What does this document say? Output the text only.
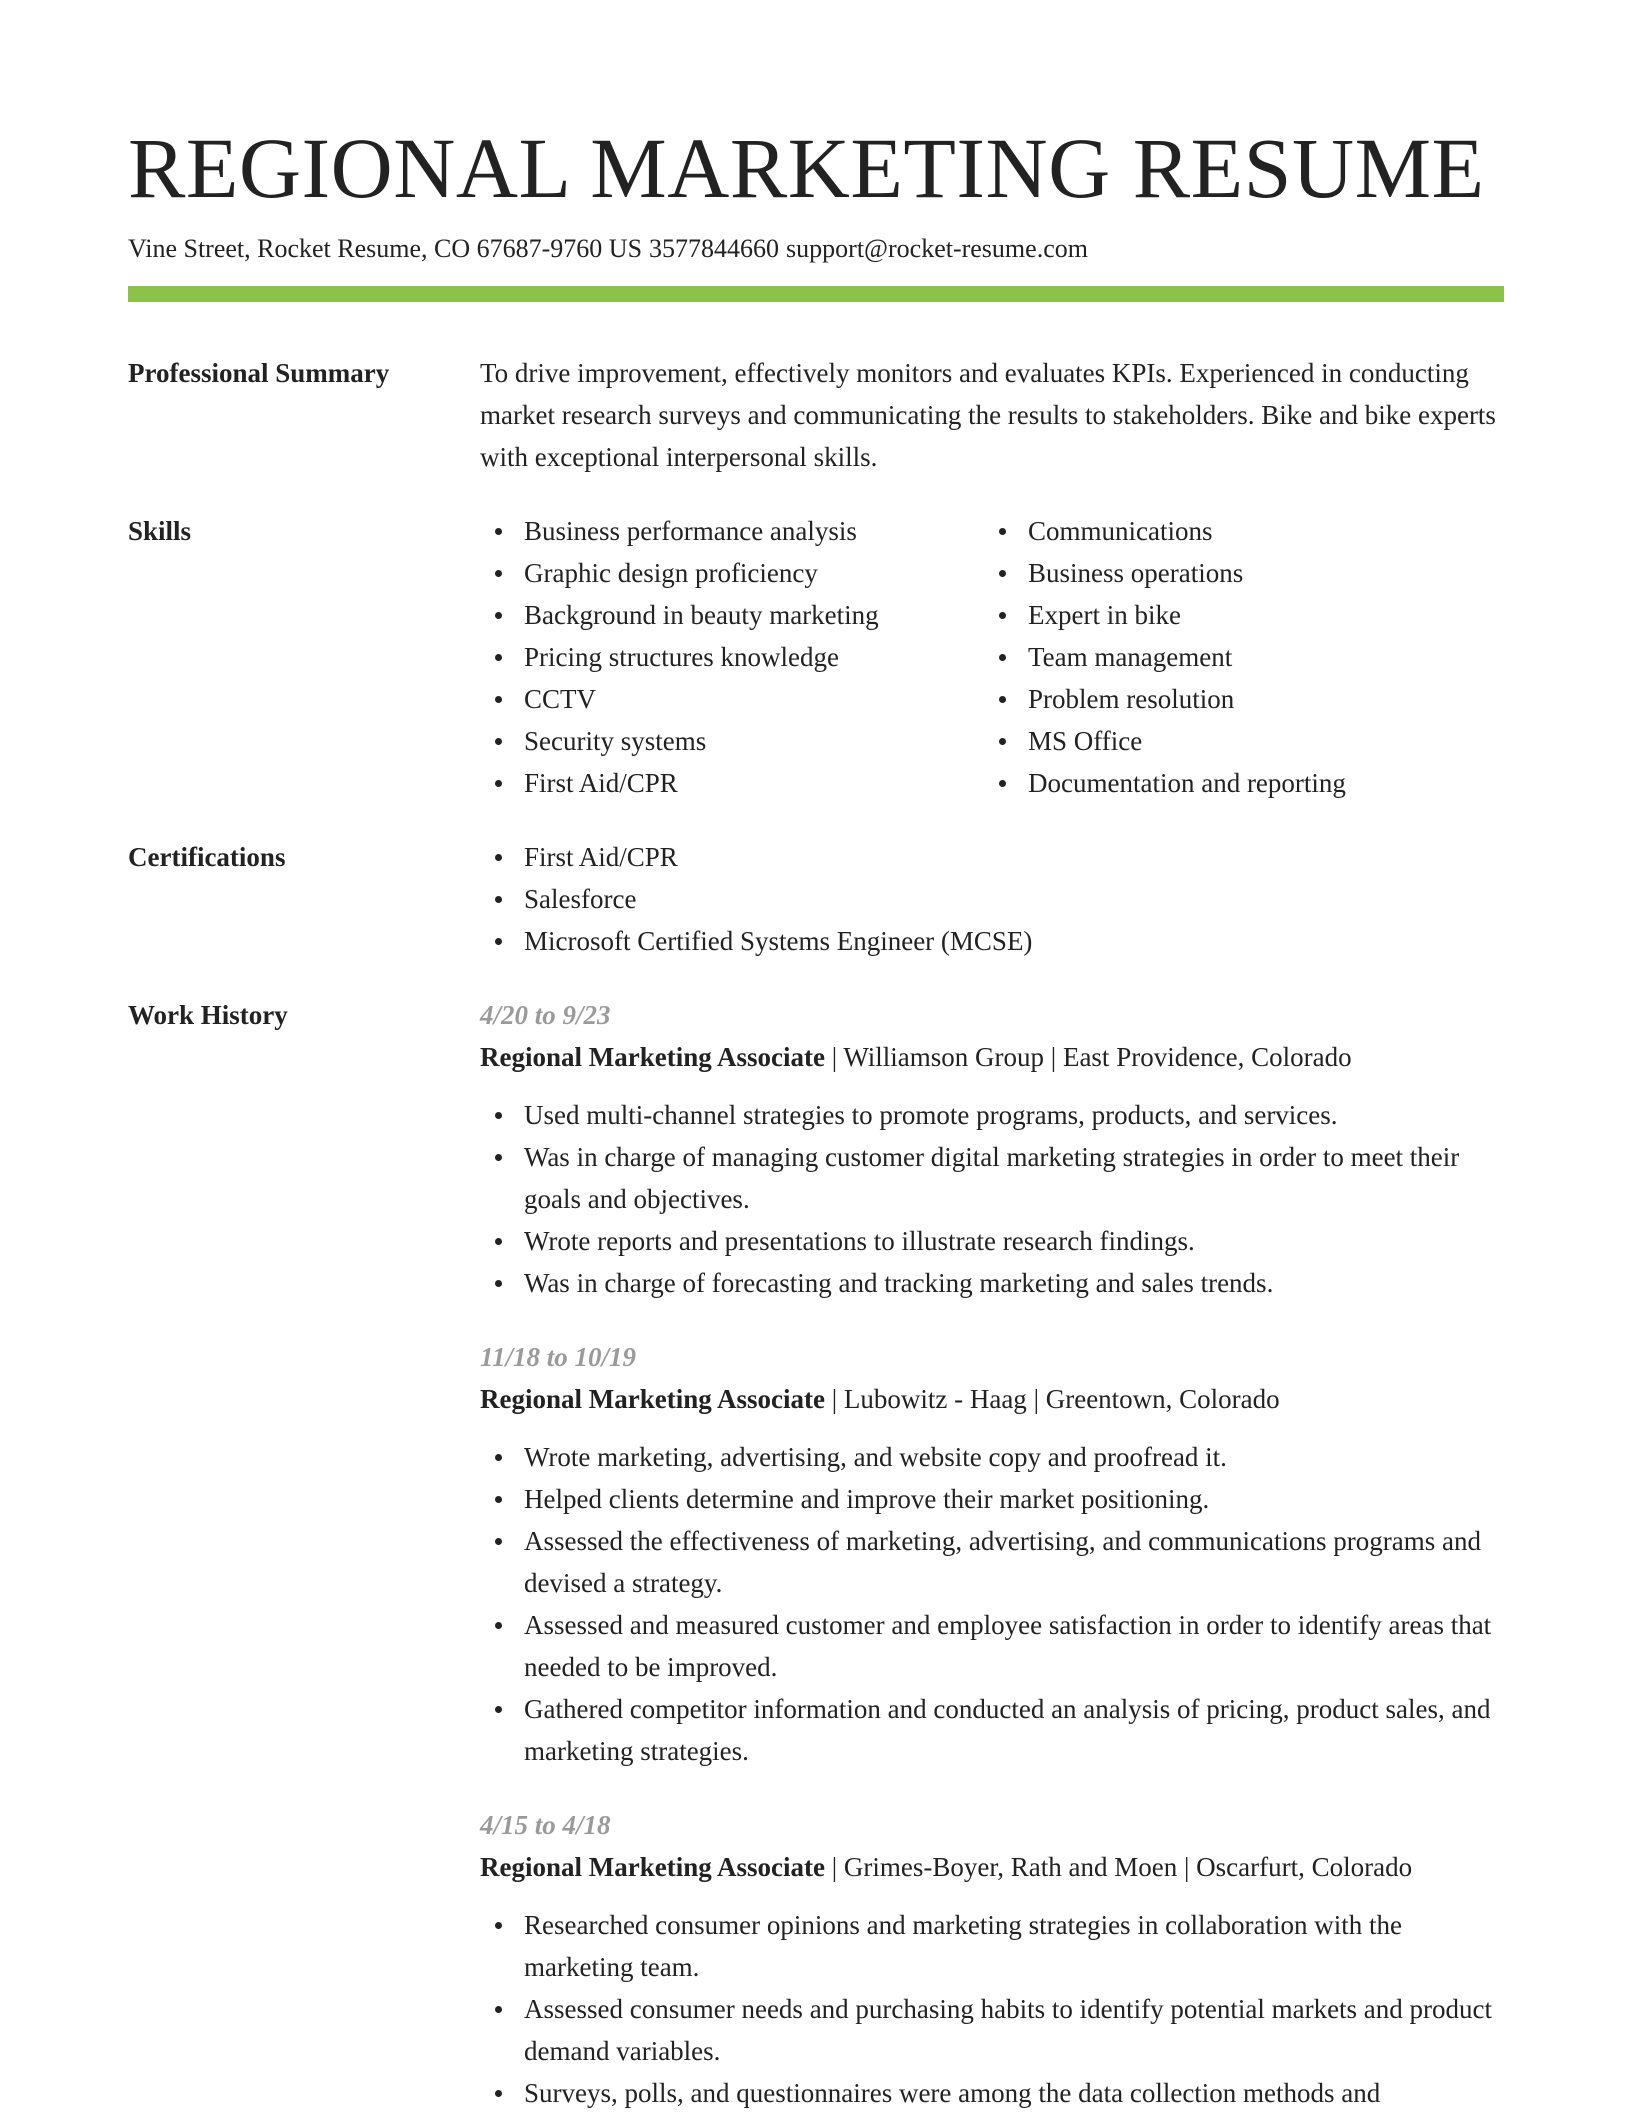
REGIONAL MARKETING RESUME
Vine Street, Rocket Resume, CO 67687-9760 US 3577844660 support@rocket-resume.com
Professional Summary	To drive improvement, effectively monitors and evaluates KPIs. Experienced in conducting market research surveys and communicating the results to stakeholders. Bike and bike experts with exceptional interpersonal skills.
Skills	Business performance analysis
Graphic design proficiency
Background in beauty marketing
Pricing structures knowledge
CCTV
Security systems
First Aid/CPR
Communications
Business operations
Expert in bike
Team management
Problem resolution
MS Office
Documentation and reporting
Certifications	First Aid/CPR
Salesforce
Microsoft Certified Systems Engineer (MCSE)
Work History	4/20 to 9/23
Regional Marketing Associate | Williamson Group | East Providence, Colorado
Used multi-channel strategies to promote programs, products, and services.
Was in charge of managing customer digital marketing strategies in order to meet their goals and objectives.
Wrote reports and presentations to illustrate research findings.
Was in charge of forecasting and tracking marketing and sales trends.
11/18 to 10/19
Regional Marketing Associate | Lubowitz - Haag | Greentown, Colorado
Wrote marketing, advertising, and website copy and proofread it.
Helped clients determine and improve their market positioning.
Assessed the effectiveness of marketing, advertising, and communications programs and devised a strategy.
Assessed and measured customer and employee satisfaction in order to identify areas that needed to be improved.
Gathered competitor information and conducted an analysis of pricing, product sales, and marketing strategies.
4/15 to 4/18
Regional Marketing Associate | Grimes-Boyer, Rath and Moen | Oscarfurt, Colorado
Researched consumer opinions and marketing strategies in collaboration with the marketing team.
Assessed consumer needs and purchasing habits to identify potential markets and product demand variables.
Surveys, polls, and questionnaires were among the data collection methods and
